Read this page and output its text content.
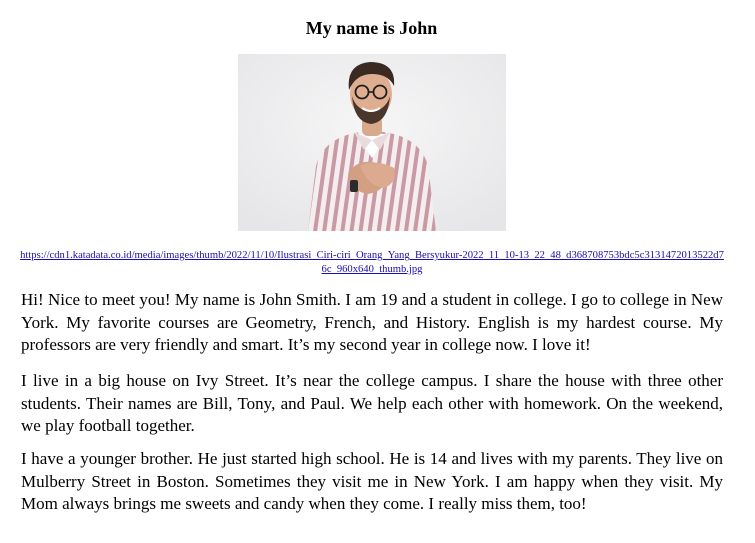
My name is John
https://cdn1.katadata.co.id/media/images/thumb/2022/11/10/Ilustrasi_Ciri-ciri_Orang_Yang_Bersyukur-2022_11_10-13_22_48_d368708753bdc5c3131472013522d76c_960x640_thumb.jpg

Hi! Nice to meet you! My name is John Smith. I am 19 and a student in college. I go to college in New York. My favorite courses are Geometry, French, and History. English is my hardest course. My professors are very friendly and smart. It’s my second year in college now. I love it!

I live in a big house on Ivy Street. It’s near the college campus. I share the house with three other students. Their names are Bill, Tony, and Paul. We help each other with homework. On the weekend, we play football together.

I have a younger brother. He just started high school. He is 14 and lives with my parents. They live on Mulberry Street in Boston. Sometimes they visit me in New York. I am happy when they visit. My Mom always brings me sweets and candy when they come. I really miss them, too!
